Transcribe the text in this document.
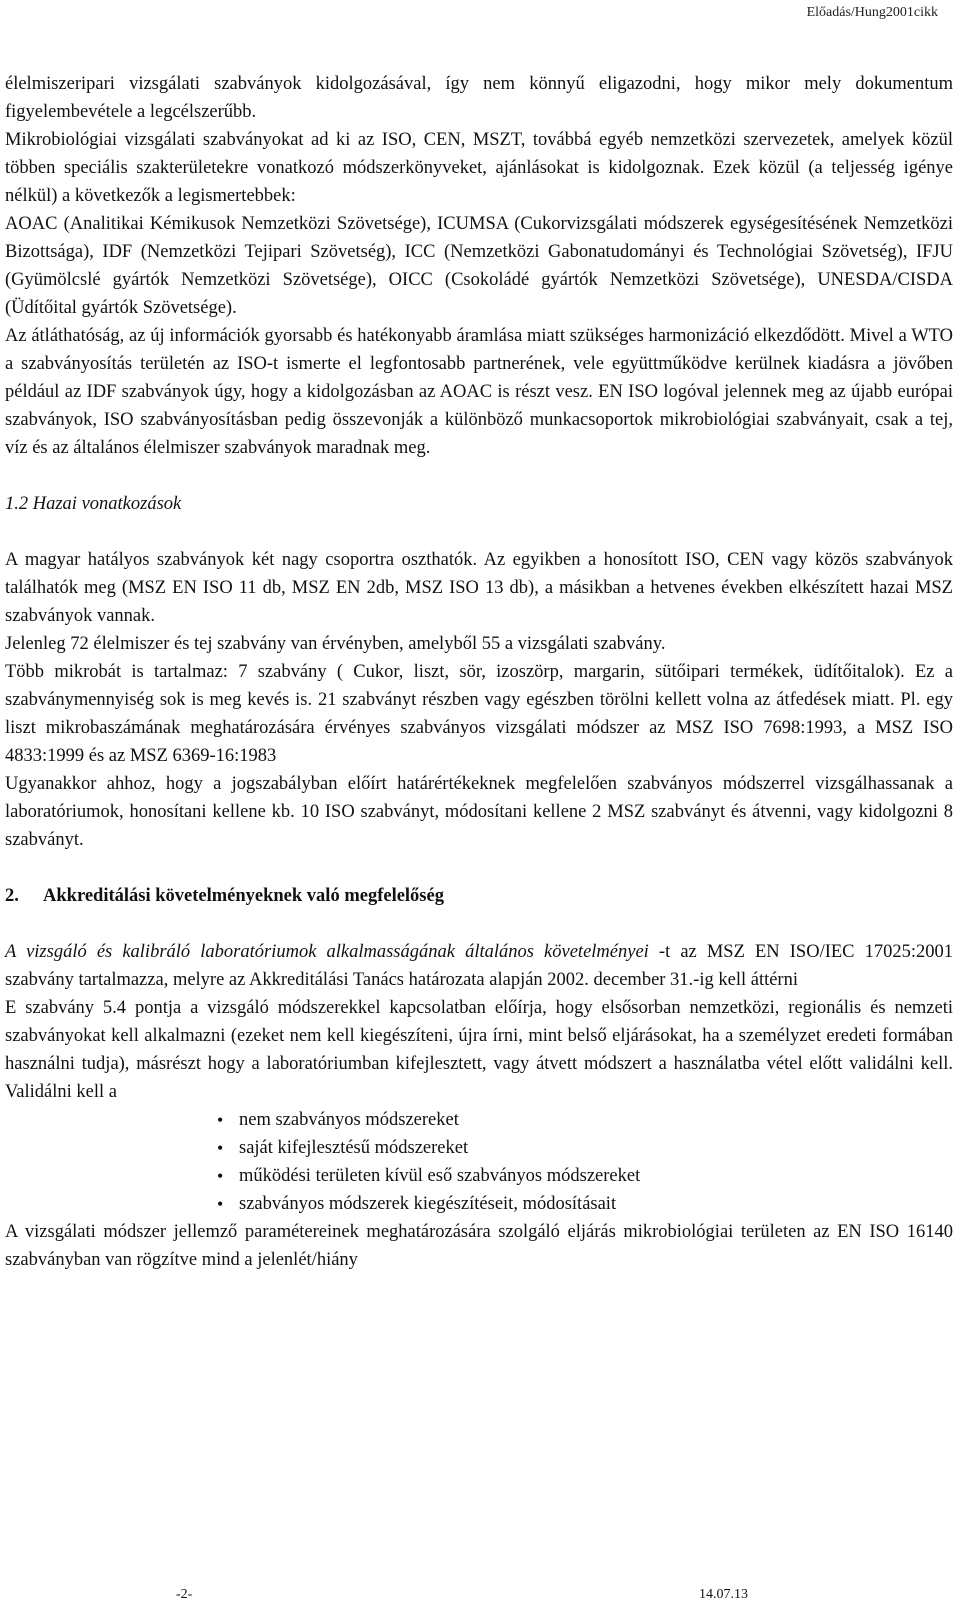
Előadás/Hung2001cikk

élelmiszeripari vizsgálati szabványok kidolgozásával, így nem könnyű eligazodni, hogy mikor mely dokumentum figyelembevétele a legcélszerűbb.

Mikrobiológiai vizsgálati szabványokat ad ki az ISO, CEN, MSZT, továbbá egyéb nemzetközi szervezetek, amelyek közül többen speciális szakterületekre vonatkozó módszerkönyveket, ajánlásokat is kidolgoznak. Ezek közül (a teljesség igénye nélkül) a következők a legismertebbek:

AOAC (Analitikai Kémikusok Nemzetközi Szövetsége), ICUMSA (Cukorvizsgálati módszerek egységesítésének Nemzetközi Bizottsága), IDF (Nemzetközi Tejipari Szövetség), ICC (Nemzetközi Gabonatudományi és Technológiai Szövetség), IFJU (Gyümölcslé gyártók Nemzetközi Szövetsége), OICC (Csokoládé gyártók Nemzetközi Szövetsége), UNESDA/CISDA (Üdítőital gyártók Szövetsége).

Az átláthatóság, az új információk gyorsabb és hatékonyabb áramlása miatt szükséges harmonizáció elkezdődött. Mivel a WTO a szabványosítás területén az ISO-t ismerte el legfontosabb partnerének, vele együttműködve kerülnek kiadásra a jövőben például az IDF szabványok úgy, hogy a kidolgozásban az AOAC is részt vesz. EN ISO logóval jelennek meg az újabb európai szabványok, ISO szabványosításban pedig összevonják a különböző munkacsoportok mikrobiológiai szabványait, csak a tej, víz és az általános élelmiszer szabványok maradnak meg.

1.2 Hazai vonatkozások

A magyar hatályos szabványok két nagy csoportra oszthatók. Az egyikben a honosított ISO, CEN vagy közös szabványok találhatók meg (MSZ EN ISO 11 db, MSZ EN 2db, MSZ ISO 13 db), a másikban a hetvenes években elkészített hazai MSZ szabványok vannak.

Jelenleg 72 élelmiszer és tej szabvány van érvényben, amelyből 55 a vizsgálati szabvány.

Több mikrobát is tartalmaz: 7 szabvány ( Cukor, liszt, sör, izoszörp, margarin, sütőipari termékek, üdítőitalok). Ez a szabványmennyiség sok is meg kevés is. 21 szabványt részben vagy egészben törölni kellett volna az átfedések miatt. Pl. egy liszt mikrobaszámának meghatározására érvényes szabványos vizsgálati módszer az MSZ ISO 7698:1993, a MSZ ISO 4833:1999 és az MSZ 6369-16:1983

Ugyanakkor ahhoz, hogy a jogszabályban előírt határértékeknek megfelelően szabványos módszerrel vizsgálhassanak a laboratóriumok, honosítani kellene kb. 10 ISO szabványt, módosítani kellene 2 MSZ szabványt és átvenni, vagy kidolgozni 8 szabványt.

2.	Akkreditálási követelményeknek való megfelelőség

A vizsgáló és kalibráló laboratóriumok alkalmasságának általános követelményei -t az MSZ EN ISO/IEC 17025:2001 szabvány tartalmazza, melyre az Akkreditálási Tanács határozata alapján 2002. december 31.-ig kell áttérni

E szabvány 5.4 pontja a vizsgáló módszerekkel kapcsolatban előírja, hogy elsősorban nemzetközi, regionális és nemzeti szabványokat kell alkalmazni (ezeket nem kell kiegészíteni, újra írni, mint belső eljárásokat, ha a személyzet eredeti formában használni tudja), másrészt hogy a laboratóriumban kifejlesztett, vagy átvett módszert a használatba vétel előtt validálni kell. Validálni kell a

• nem szabványos módszereket
• saját kifejlesztésű módszereket
• működési területen kívül eső szabványos módszereket
• szabványos módszerek kiegészítéseit, módosításait

A vizsgálati módszer jellemző paramétereinek meghatározására szolgáló eljárás mikrobiológiai területen az EN ISO 16140 szabványban van rögzítve mind a jelenlét/hiány

-2-	14.07.13
